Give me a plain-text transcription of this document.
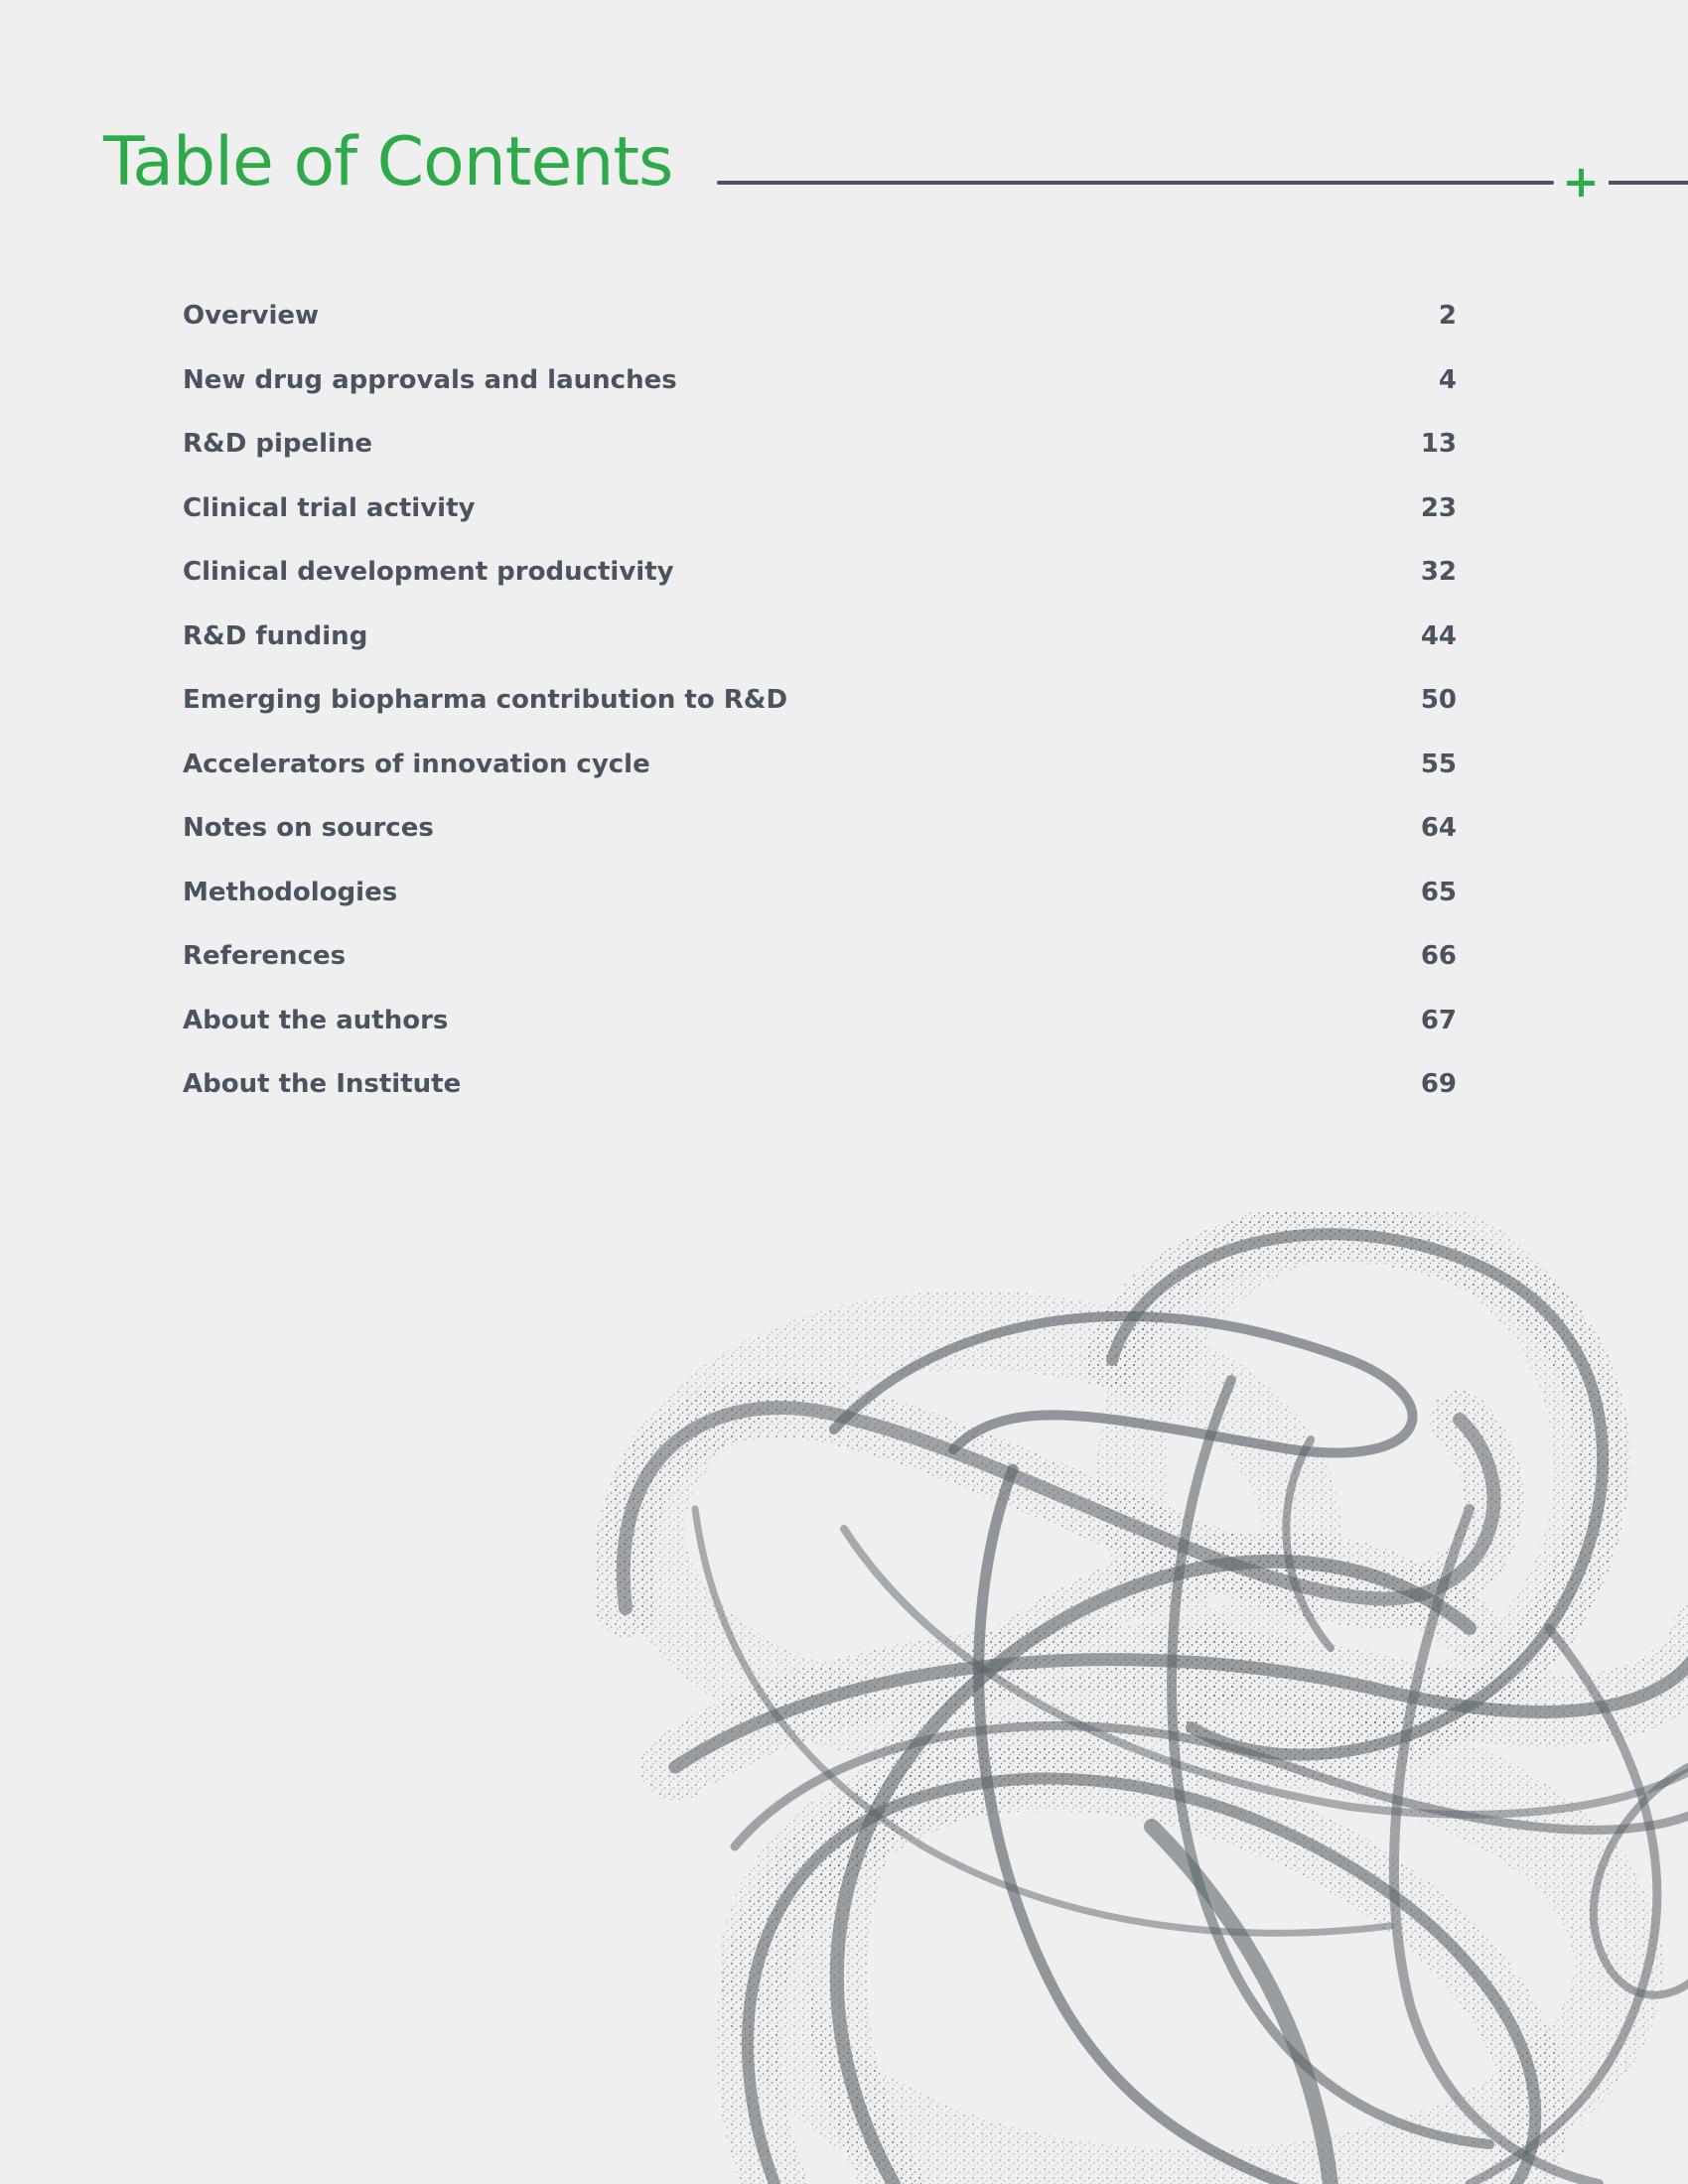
Table of Contents
Overview	2
New drug approvals and launches	4
R&D pipeline	13
Clinical trial activity	23
Clinical development productivity	32
R&D funding	44
Emerging biopharma contribution to R&D	50
Accelerators of innovation cycle	55
Notes on sources	64
Methodologies	65
References	66
About the authors	67
About the Institute	69
